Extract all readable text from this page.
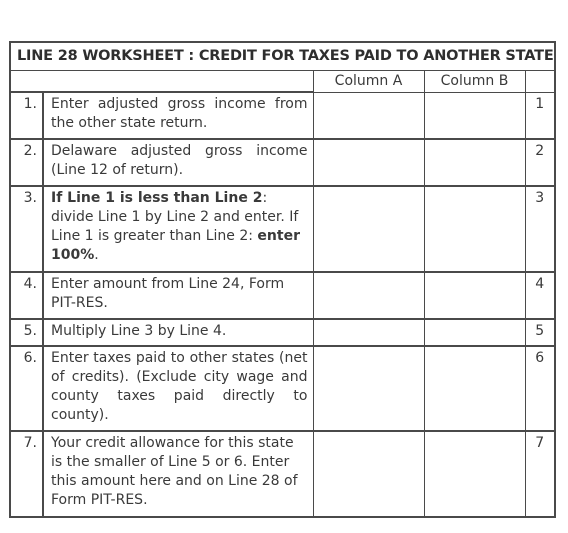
LINE 28 WORKSHEET : CREDIT FOR TAXES PAID TO ANOTHER STATE				
		Column A	Column B	
1.	Enter adjusted gross income from the other state return.			1
2.	Delaware adjusted gross income (Line 12 of return).			2
3.	If Line 1 is less than Line 2: divide Line 1 by Line 2 and enter. If Line 1 is greater than Line 2: enter 100%.			3
4.	Enter amount from Line 24, Form PIT-RES.			4
5.	Multiply Line 3 by Line 4.			5
6.	Enter taxes paid to other states (net of credits). (Exclude city wage and county taxes paid directly to county).			6
7.	Your credit allowance for this state is the smaller of Line 5 or 6. Enter this amount here and on Line 28 of Form PIT-RES.			7
